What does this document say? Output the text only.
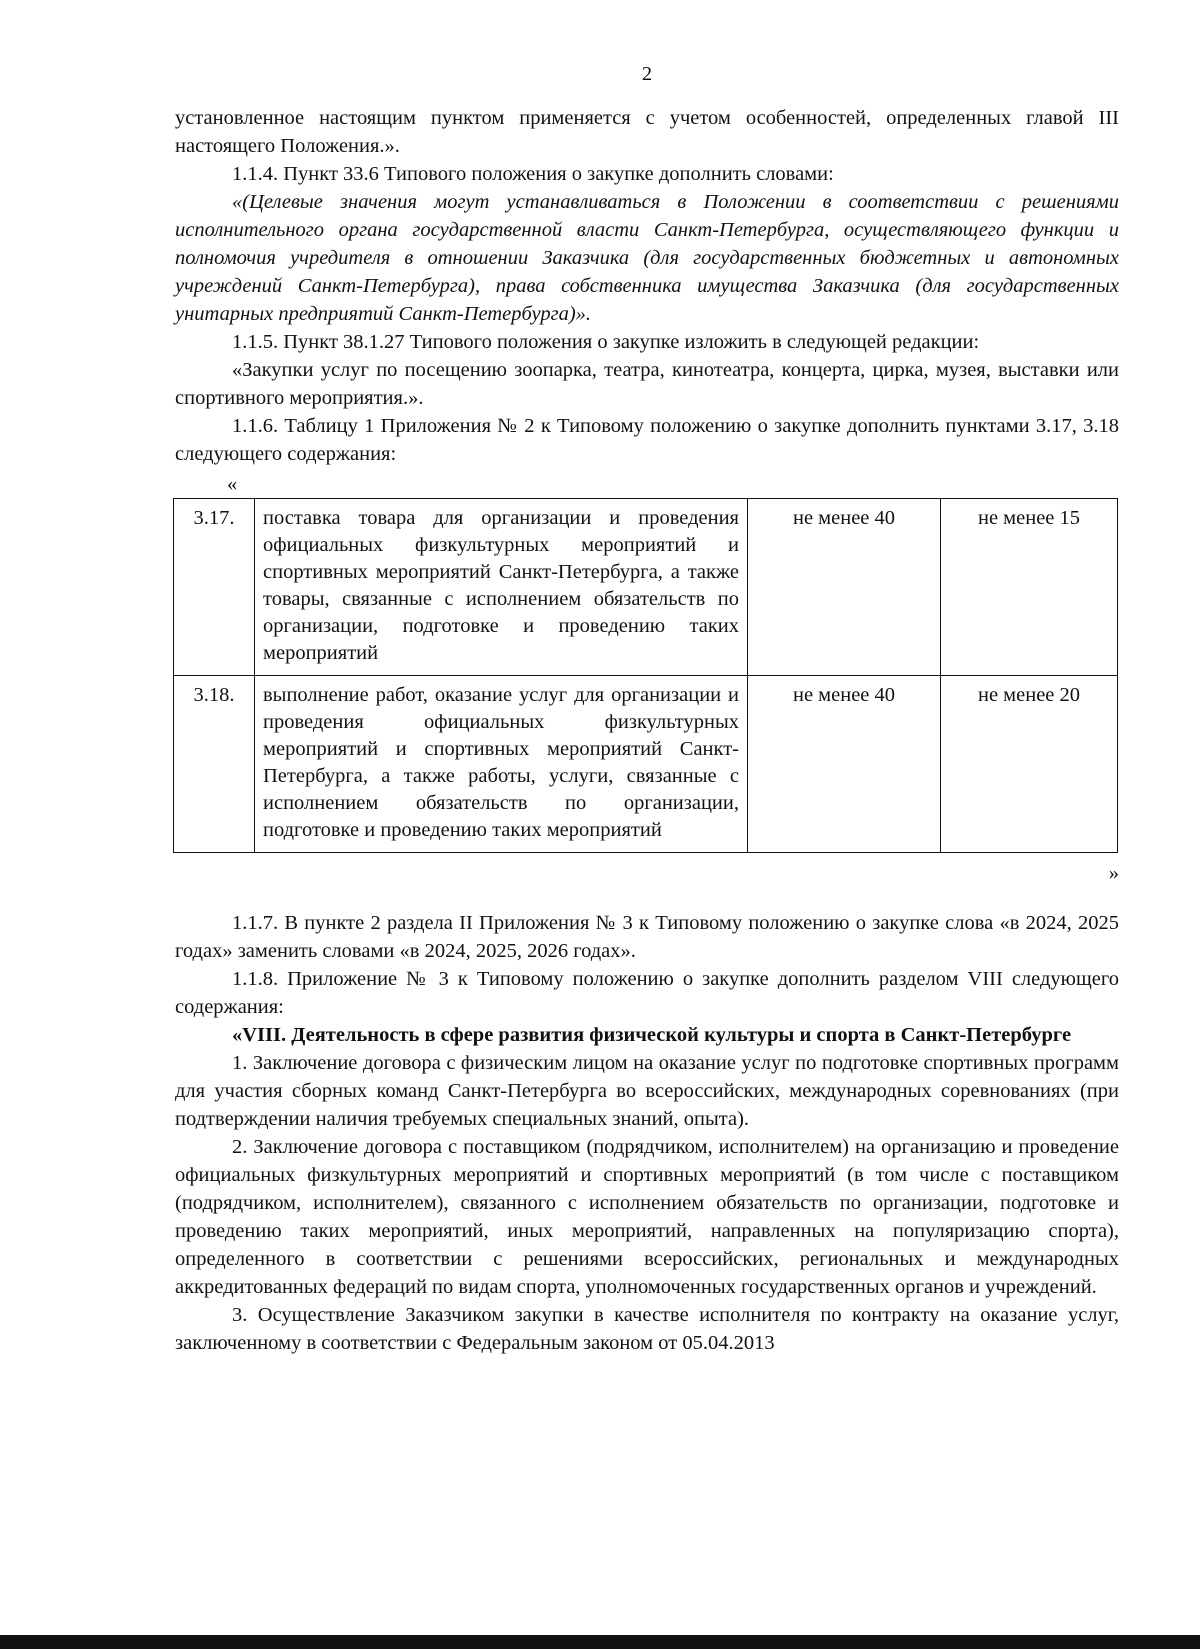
2

установленное настоящим пунктом применяется с учетом особенностей, определенных главой III настоящего Положения.».

1.1.4. Пункт 33.6 Типового положения о закупке дополнить словами:

«(Целевые значения могут устанавливаться в Положении в соответствии с решениями исполнительного органа государственной власти Санкт-Петербурга, осуществляющего функции и полномочия учредителя в отношении Заказчика (для государственных бюджетных и автономных учреждений Санкт-Петербурга), права собственника имущества Заказчика (для государственных унитарных предприятий Санкт-Петербурга)».

1.1.5. Пункт 38.1.27 Типового положения о закупке изложить в следующей редакции:

«Закупки услуг по посещению зоопарка, театра, кинотеатра, концерта, цирка, музея, выставки или спортивного мероприятия.».

1.1.6. Таблицу 1 Приложения № 2 к Типовому положению о закупке дополнить пунктами 3.17, 3.18 следующего содержания:

«
3.17.	поставка товара для организации и проведения официальных физкультурных мероприятий и спортивных мероприятий Санкт-Петербурга, а также товары, связанные с исполнением обязательств по организации, подготовке и проведению таких мероприятий	не менее 40	не менее 15
3.18.	выполнение работ, оказание услуг для организации и проведения официальных физкультурных мероприятий и спортивных мероприятий Санкт-Петербурга, а также работы, услуги, связанные с исполнением обязательств по организации, подготовке и проведению таких мероприятий	не менее 40	не менее 20
»

1.1.7. В пункте 2 раздела II Приложения № 3 к Типовому положению о закупке слова «в 2024, 2025 годах» заменить словами «в 2024, 2025, 2026 годах».

1.1.8. Приложение № 3 к Типовому положению о закупке дополнить разделом VIII следующего содержания:

«VIII. Деятельность в сфере развития физической культуры и спорта в Санкт-Петербурге

1. Заключение договора с физическим лицом на оказание услуг по подготовке спортивных программ для участия сборных команд Санкт-Петербурга во всероссийских, международных соревнованиях (при подтверждении наличия требуемых специальных знаний, опыта).

2. Заключение договора с поставщиком (подрядчиком, исполнителем) на организацию и проведение официальных физкультурных мероприятий и спортивных мероприятий (в том числе с поставщиком (подрядчиком, исполнителем), связанного с исполнением обязательств по организации, подготовке и проведению таких мероприятий, иных мероприятий, направленных на популяризацию спорта), определенного в соответствии с решениями всероссийских, региональных и международных аккредитованных федераций по видам спорта, уполномоченных государственных органов и учреждений.

3. Осуществление Заказчиком закупки в качестве исполнителя по контракту на оказание услуг, заключенному в соответствии с Федеральным законом от 05.04.2013
